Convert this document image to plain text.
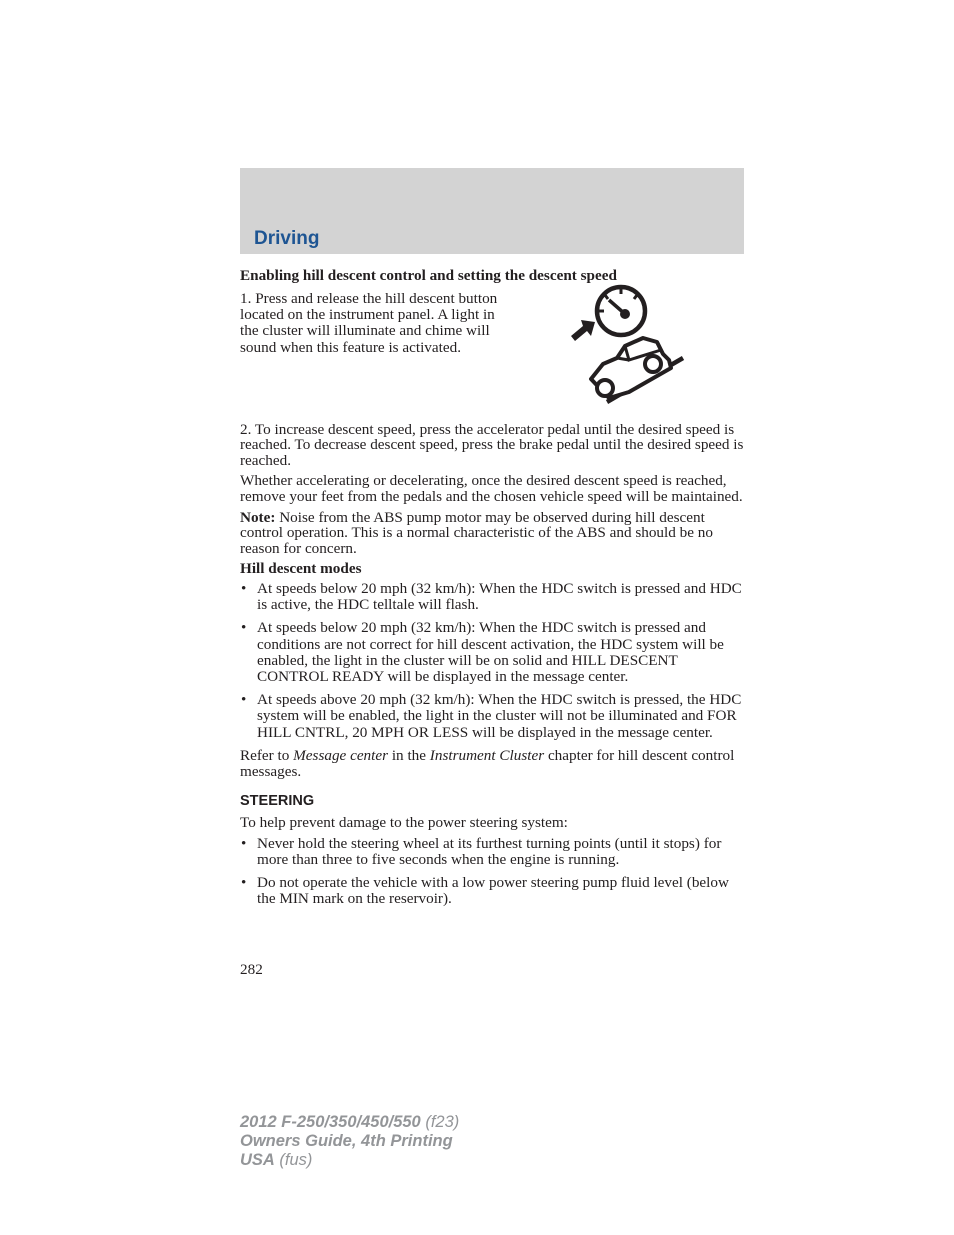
Driving

Enabling hill descent control and setting the descent speed

1. Press and release the hill descent button located on the instrument panel. A light in the cluster will illuminate and chime will sound when this feature is activated.

2. To increase descent speed, press the accelerator pedal until the desired speed is reached. To decrease descent speed, press the brake pedal until the desired speed is reached.

Whether accelerating or decelerating, once the desired descent speed is reached, remove your feet from the pedals and the chosen vehicle speed will be maintained.

Note: Noise from the ABS pump motor may be observed during hill descent control operation. This is a normal characteristic of the ABS and should be no reason for concern.

Hill descent modes

• At speeds below 20 mph (32 km/h): When the HDC switch is pressed and HDC is active, the HDC telltale will flash.
• At speeds below 20 mph (32 km/h): When the HDC switch is pressed and conditions are not correct for hill descent activation, the HDC system will be enabled, the light in the cluster will be on solid and HILL DESCENT CONTROL READY will be displayed in the message center.
• At speeds above 20 mph (32 km/h): When the HDC switch is pressed, the HDC system will be enabled, the light in the cluster will not be illuminated and FOR HILL CNTRL, 20 MPH OR LESS will be displayed in the message center.

Refer to Message center in the Instrument Cluster chapter for hill descent control messages.

STEERING

To help prevent damage to the power steering system:

• Never hold the steering wheel at its furthest turning points (until it stops) for more than three to five seconds when the engine is running.
• Do not operate the vehicle with a low power steering pump fluid level (below the MIN mark on the reservoir).
282
2012 F-250/350/450/550 (f23)
Owners Guide, 4th Printing
USA (fus)
